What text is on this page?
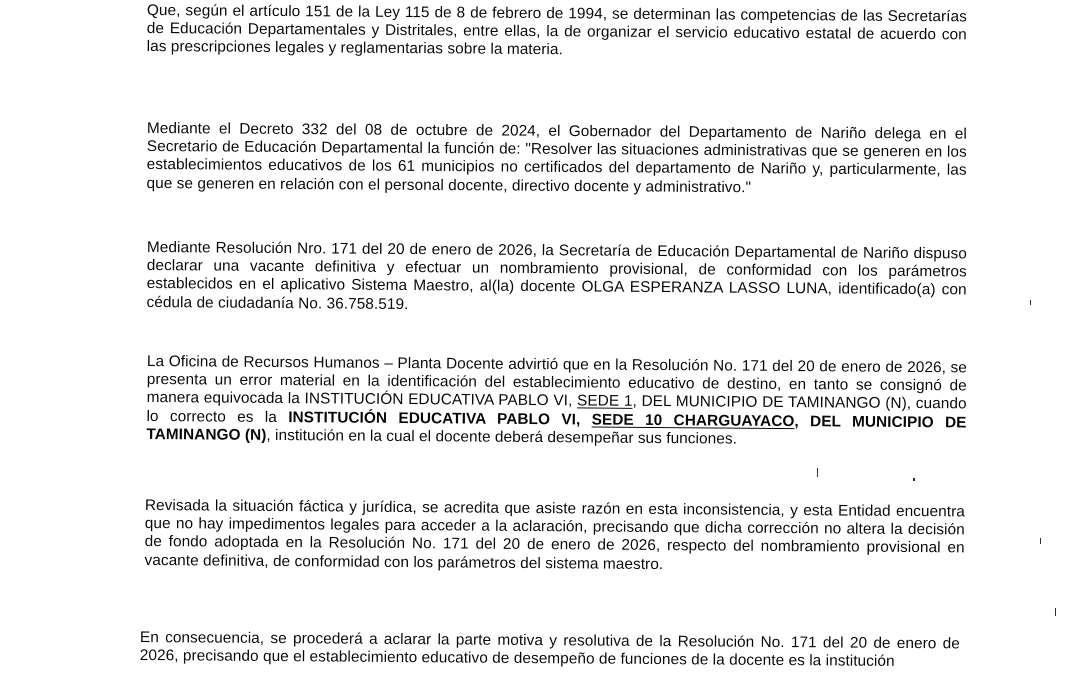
Que, según el artículo 151 de la Ley 115 de 8 de febrero de 1994, se determinan las competencias de las Secretarías de Educación Departamentales y Distritales, entre ellas, la de organizar el servicio educativo estatal de acuerdo con las prescripciones legales y reglamentarias sobre la materia.

Mediante el Decreto 332 del 08 de octubre de 2024, el Gobernador del Departamento de Nariño delega en el Secretario de Educación Departamental la función de: "Resolver las situaciones administrativas que se generen en los establecimientos educativos de los 61 municipios no certificados del departamento de Nariño y, particularmente, las que se generen en relación con el personal docente, directivo docente y administrativo."

Mediante Resolución Nro. 171 del 20 de enero de 2026, la Secretaría de Educación Departamental de Nariño dispuso declarar una vacante definitiva y efectuar un nombramiento provisional, de conformidad con los parámetros establecidos en el aplicativo Sistema Maestro, al(la) docente OLGA ESPERANZA LASSO LUNA, identificado(a) con cédula de ciudadanía No. 36.758.519.

La Oficina de Recursos Humanos – Planta Docente advirtió que en la Resolución No. 171 del 20 de enero de 2026, se presenta un error material en la identificación del establecimiento educativo de destino, en tanto se consignó de manera equivocada la INSTITUCIÓN EDUCATIVA PABLO VI, SEDE 1, DEL MUNICIPIO DE TAMINANGO (N), cuando lo correcto es la INSTITUCIÓN EDUCATIVA PABLO VI, SEDE 10 CHARGUAYACO, DEL MUNICIPIO DE TAMINANGO (N), institución en la cual el docente deberá desempeñar sus funciones.

Revisada la situación fáctica y jurídica, se acredita que asiste razón en esta inconsistencia, y esta Entidad encuentra que no hay impedimentos legales para acceder a la aclaración, precisando que dicha corrección no altera la decisión de fondo adoptada en la Resolución No. 171 del 20 de enero de 2026, respecto del nombramiento provisional en vacante definitiva, de conformidad con los parámetros del sistema maestro.

En consecuencia, se procederá a aclarar la parte motiva y resolutiva de la Resolución No. 171 del 20 de enero de 2026, precisando que el establecimiento educativo de desempeño de funciones de la docente es la institución
